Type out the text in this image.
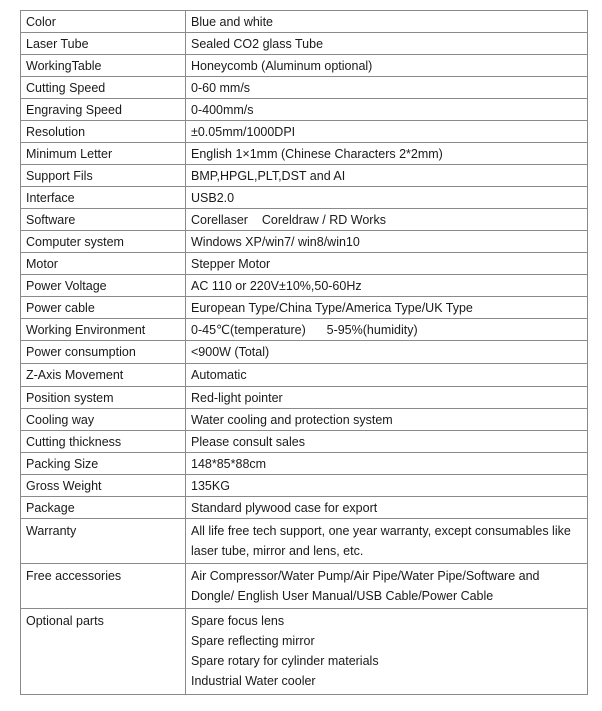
Color	Blue and white
Laser Tube	Sealed CO2 glass Tube
WorkingTable	Honeycomb (Aluminum optional)
Cutting Speed	0-60 mm/s
Engraving Speed	0-400mm/s
Resolution	±0.05mm/1000DPI
Minimum Letter	English 1×1mm (Chinese Characters 2*2mm)
Support Fils	BMP,HPGL,PLT,DST and AI
Interface	USB2.0
Software	Corellaser    Coreldraw / RD Works
Computer system	Windows XP/win7/ win8/win10
Motor	Stepper Motor
Power Voltage	AC 110 or 220V±10%,50-60Hz
Power cable	European Type/China Type/America Type/UK Type
Working Environment	0-45℃(temperature)      5-95%(humidity)
Power consumption	<900W (Total)
Z-Axis Movement	Automatic
Position system	Red-light pointer
Cooling way	Water cooling and protection system
Cutting thickness	Please consult sales
Packing Size	148*85*88cm
Gross Weight	135KG
Package	Standard plywood case for export
Warranty	All life free tech support, one year warranty, except consumables like
laser tube, mirror and lens, etc.

Free accessories	Air Compressor/Water Pump/Air Pipe/Water Pipe/Software and
Dongle/ English User Manual/USB Cable/Power Cable

Optional parts	Spare focus lens
Spare reflecting mirror
Spare rotary for cylinder materials
Industrial Water cooler
